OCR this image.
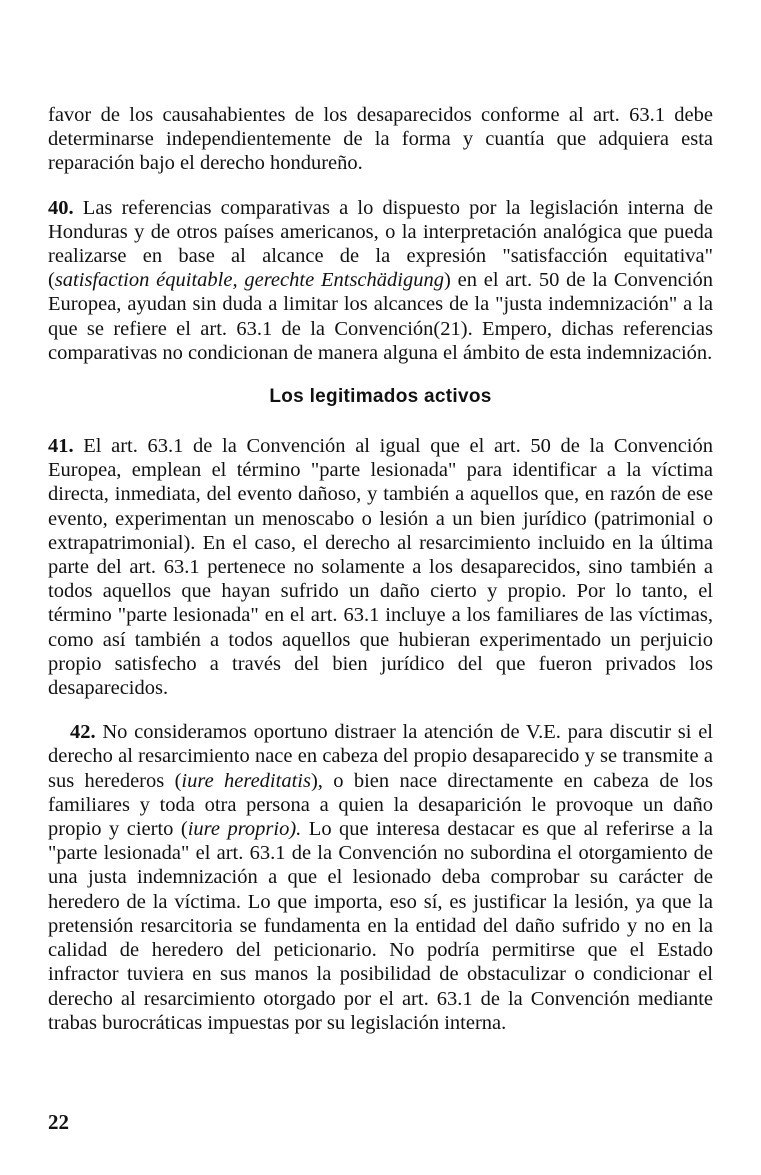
favor de los causahabientes de los desaparecidos conforme al art. 63.1 debe determinarse independientemente de la forma y cuantía que adquiera esta reparación bajo el derecho hondureño.

40. Las referencias comparativas a lo dispuesto por la legislación interna de Honduras y de otros países americanos, o la interpretación analógica que pueda realizarse en base al alcance de la expresión "satisfacción equitativa" (satisfaction équitable, gerechte Entschädigung) en el art. 50 de la Convención Europea, ayudan sin duda a limitar los alcances de la "justa indemnización" a la que se refiere el art. 63.1 de la Convención(21). Empero, dichas referencias comparativas no condicionan de manera alguna el ámbito de esta indemnización.

Los legitimados activos

41. El art. 63.1 de la Convención al igual que el art. 50 de la Convención Europea, emplean el término "parte lesionada" para identificar a la víctima directa, inmediata, del evento dañoso, y también a aquellos que, en razón de ese evento, experimentan un menoscabo o lesión a un bien jurídico (patrimonial o extrapatrimonial). En el caso, el derecho al resarcimiento incluido en la última parte del art. 63.1 pertenece no solamente a los desaparecidos, sino también a todos aquellos que hayan sufrido un daño cierto y propio. Por lo tanto, el término "parte lesionada" en el art. 63.1 incluye a los familiares de las víctimas, como así también a todos aquellos que hubieran experimentado un perjuicio propio satisfecho a través del bien jurídico del que fueron privados los desaparecidos.

42. No consideramos oportuno distraer la atención de V.E. para discutir si el derecho al resarcimiento nace en cabeza del propio desaparecido y se transmite a sus herederos (iure hereditatis), o bien nace directamente en cabeza de los familiares y toda otra persona a quien la desaparición le provoque un daño propio y cierto (iure proprio). Lo que interesa destacar es que al referirse a la "parte lesionada" el art. 63.1 de la Convención no subordina el otorgamiento de una justa indemnización a que el lesionado deba comprobar su carácter de heredero de la víctima. Lo que importa, eso sí, es justificar la lesión, ya que la pretensión resarcitoria se fundamenta en la entidad del daño sufrido y no en la calidad de heredero del peticionario. No podría permitirse que el Estado infractor tuviera en sus manos la posibilidad de obstaculizar o condicionar el derecho al resarcimiento otorgado por el art. 63.1 de la Convención mediante trabas burocráticas impuestas por su legislación interna.

22
